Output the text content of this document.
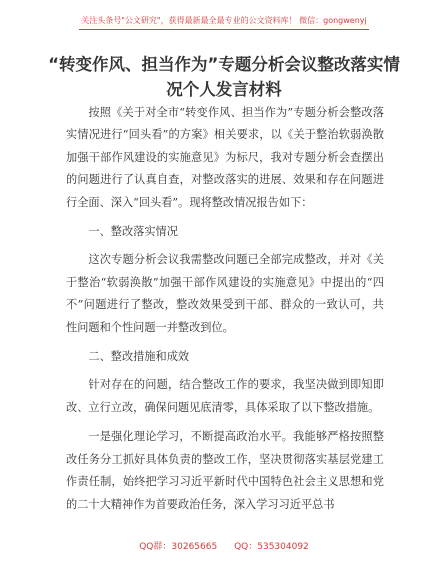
关注头条号"公文研究"，获得最新最全最专业的公文资料库！ 微信：gongwenyj
“转变作风、担当作为”专题分析会议整改落实情况个人发言材料

按照《关于对全市“转变作风、担当作为”专题分析会整改落实情况进行“回头看”的方案》相关要求，以《关于整治软弱涣散加强干部作风建设的实施意见》为标尺，我对专题分析会查摆出的问题进行了认真自查，对整改落实的进展、效果和存在问题进行全面、深入“回头看”。现将整改情况报告如下：

一、整改落实情况

这次专题分析会议我需整改问题已全部完成整改，并对《关于整治“软弱涣散”加强干部作风建设的实施意见》中提出的“四不”问题进行了整改，整改效果受到干部、群众的一致认可，共性问题和个性问题一并整改到位。

二、整改措施和成效

针对存在的问题，结合整改工作的要求，我坚决做到即知即改、立行立改，确保问题见底清零，具体采取了以下整改措施。

一是强化理论学习，不断提高政治水平。我能够严格按照整改任务分工抓好具体负责的整改工作，坚决贯彻落实基层党建工作责任制，始终把学习习近平新时代中国特色社会主义思想和党的二十大精神作为首要政治任务，深入学习习近平总书

QQ群：30265665 QQ：535304092
